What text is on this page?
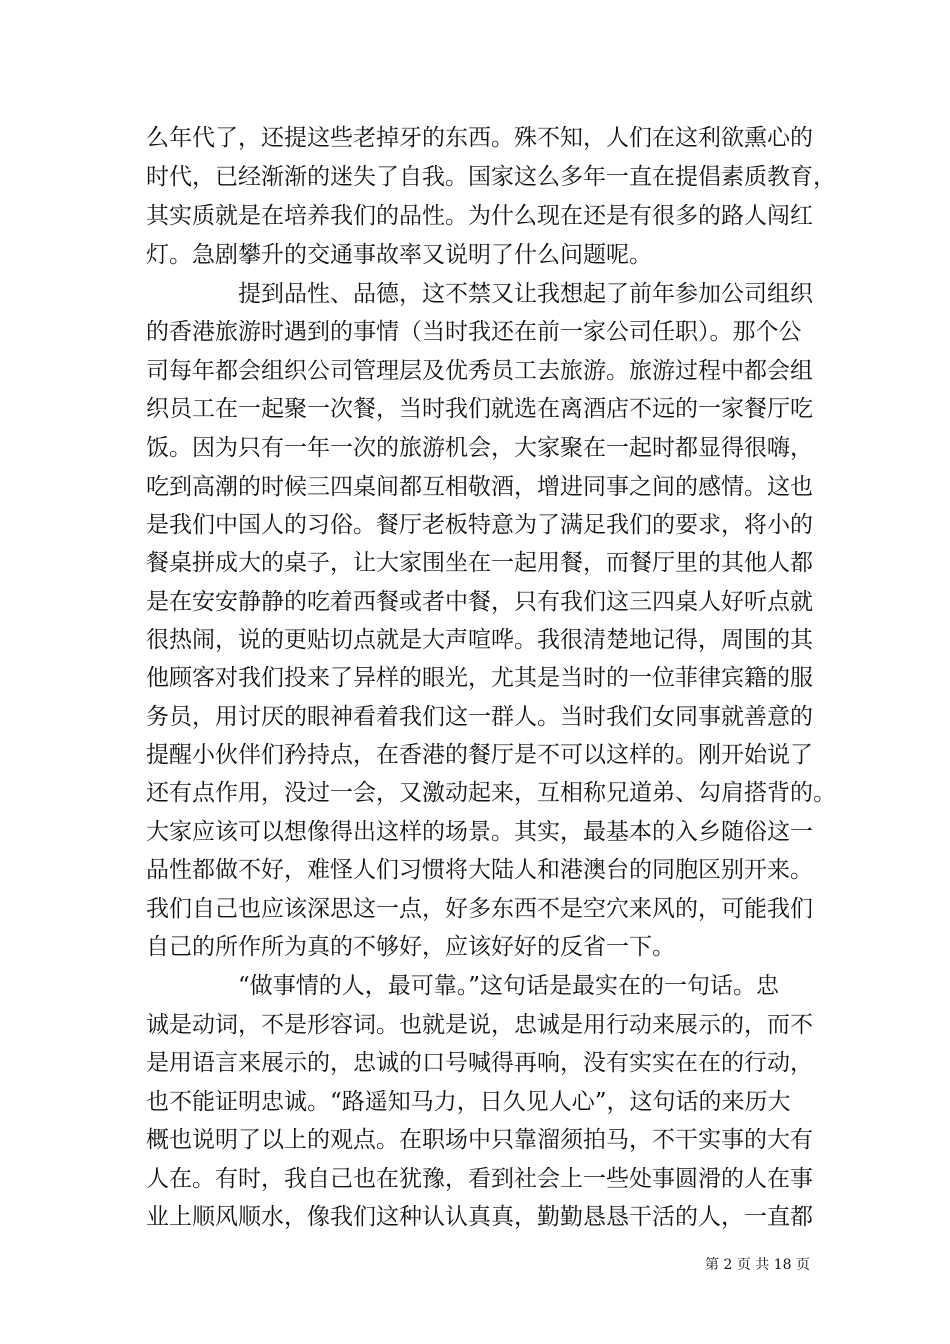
么年代了，还提这些老掉牙的东西。殊不知，人们在这利欲熏心的
时代，已经渐渐的迷失了自我。国家这么多年一直在提倡素质教育，
其实质就是在培养我们的品性。为什么现在还是有很多的路人闯红
灯。急剧攀升的交通事故率又说明了什么问题呢。
提到品性、品德，这不禁又让我想起了前年参加公司组织
的香港旅游时遇到的事情（当时我还在前一家公司任职）。那个公
司每年都会组织公司管理层及优秀员工去旅游。旅游过程中都会组
织员工在一起聚一次餐，当时我们就选在离酒店不远的一家餐厅吃
饭。因为只有一年一次的旅游机会，大家聚在一起时都显得很嗨，
吃到高潮的时候三四桌间都互相敬酒，增进同事之间的感情。这也
是我们中国人的习俗。餐厅老板特意为了满足我们的要求，将小的
餐桌拼成大的桌子，让大家围坐在一起用餐，而餐厅里的其他人都
是在安安静静的吃着西餐或者中餐，只有我们这三四桌人好听点就
很热闹，说的更贴切点就是大声喧哗。我很清楚地记得，周围的其
他顾客对我们投来了异样的眼光，尤其是当时的一位菲律宾籍的服
务员，用讨厌的眼神看着我们这一群人。当时我们女同事就善意的
提醒小伙伴们矜持点，在香港的餐厅是不可以这样的。刚开始说了
还有点作用，没过一会，又激动起来，互相称兄道弟、勾肩搭背的。
大家应该可以想像得出这样的场景。其实，最基本的入乡随俗这一
品性都做不好，难怪人们习惯将大陆人和港澳台的同胞区别开来。
我们自己也应该深思这一点，好多东西不是空穴来风的，可能我们
自己的所作所为真的不够好，应该好好的反省一下。
“做事情的人，最可靠。”这句话是最实在的一句话。忠
诚是动词，不是形容词。也就是说，忠诚是用行动来展示的，而不
是用语言来展示的，忠诚的口号喊得再响，没有实实在在的行动，
也不能证明忠诚。“路遥知马力，日久见人心”，这句话的来历大
概也说明了以上的观点。在职场中只靠溜须拍马，不干实事的大有
人在。有时，我自己也在犹豫，看到社会上一些处事圆滑的人在事
业上顺风顺水，像我们这种认认真真，勤勤恳恳干活的人，一直都
第 2 页 共 18 页
